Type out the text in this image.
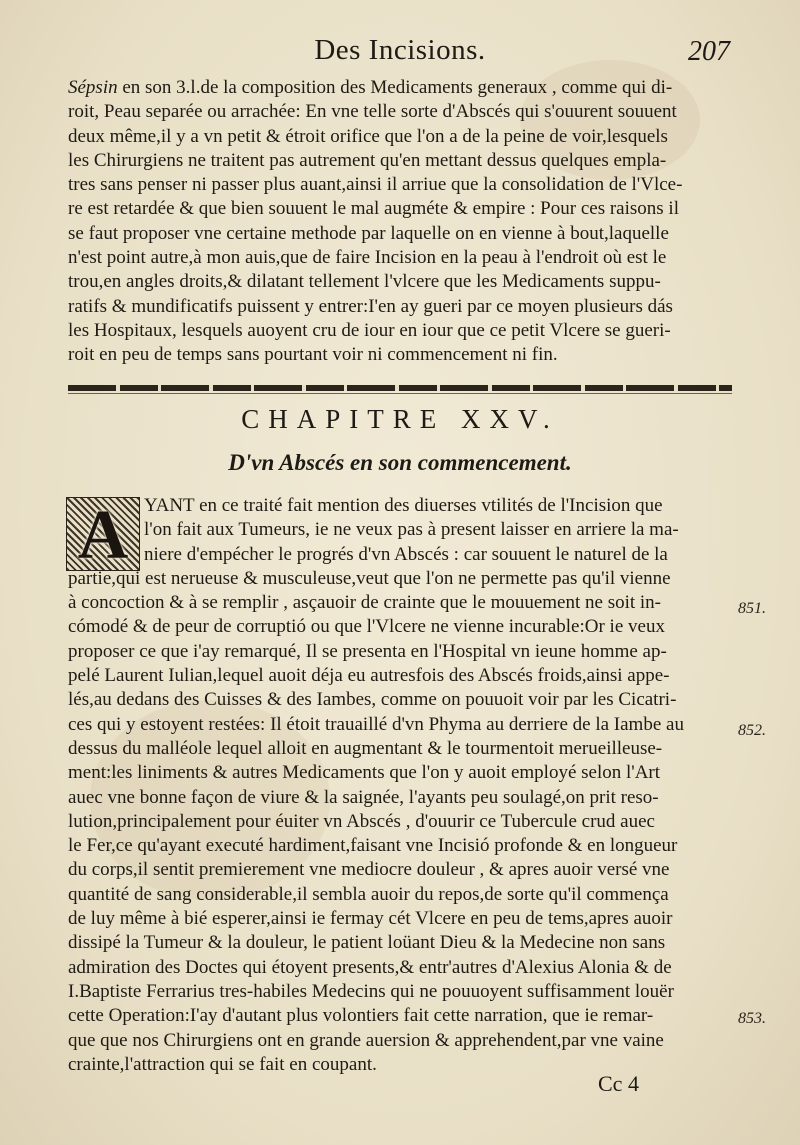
Des Incisions.	207
Sépsin en son 3.l.de la composition des Medicaments generaux , comme qui di-
roit, Peau separée ou arrachée: En vne telle sorte d'Abscés qui s'ouurent souuent
deux même,il y a vn petit & étroit orifice que l'on a de la peine de voir,lesquels
les Chirurgiens ne traitent pas autrement qu'en mettant dessus quelques empla-
tres sans penser ni passer plus auant,ainsi il arriue que la consolidation de l'Vlce-
re est retardée & que bien souuent le mal augméte & empire : Pour ces raisons il
se faut proposer vne certaine methode par laquelle on en vienne à bout,laquelle
n'est point autre,à mon auis,que de faire Incision en la peau à l'endroit où est le
trou,en angles droits,& dilatant tellement l'vlcere que les Medicaments suppu-
ratifs & mundificatifs puissent y entrer:I'en ay gueri par ce moyen plusieurs dás
les Hospitaux, lesquels auoyent cru de iour en iour que ce petit Vlcere se gueri-
roit en peu de temps sans pourtant voir ni commencement ni fin.
CHAPITRE XXV.
D'vn Abscés en son commencement.
A YANT en ce traité fait mention des diuerses vtilités de l'Incision que
l'on fait aux Tumeurs, ie ne veux pas à present laisser en arriere la ma-
niere d'empécher le progrés d'vn Abscés : car souuent le naturel de la
partie,qui est nerueuse & musculeuse,veut que l'on ne permette pas qu'il vienne
à concoction & à se remplir , asçauoir de crainte que le mouuement ne soit in-
cómodé & de peur de corruptió ou que l'Vlcere ne vienne incurable:Or ie veux
proposer ce que i'ay remarqué, Il se presenta en l'Hospital vn ieune homme ap-
pelé Laurent Iulian,lequel auoit déja eu autresfois des Abscés froids,ainsi appe-
lés,au dedans des Cuisses & des Iambes, comme on pouuoit voir par les Cicatri-
ces qui y estoyent restées: Il étoit trauaillé d'vn Phyma au derriere de la Iambe au
dessus du malléole lequel alloit en augmentant & le tourmentoit merueilleuse-
ment:les liniments & autres Medicaments que l'on y auoit employé selon l'Art
auec vne bonne façon de viure & la saignée, l'ayants peu soulagé,on prit reso-
lution,principalement pour éuiter vn Abscés , d'ouurir ce Tubercule crud auec
le Fer,ce qu'ayant executé hardiment,faisant vne Incisió profonde & en longueur
du corps,il sentit premierement vne mediocre douleur , & apres auoir versé vne
quantité de sang considerable,il sembla auoir du repos,de sorte qu'il commença
de luy même à bié esperer,ainsi ie fermay cét Vlcere en peu de tems,apres auoir
dissipé la Tumeur & la douleur, le patient loüant Dieu & la Medecine non sans
admiration des Doctes qui étoyent presents,& entr'autres d'Alexius Alonia & de
I.Baptiste Ferrarius tres-habiles Medecins qui ne pouuoyent suffisamment louër
cette Operation:I'ay d'autant plus volontiers fait cette narration, que ie remar-
que que nos Chirurgiens ont en grande auersion & apprehendent,par vne vaine
crainte,l'attraction qui se fait en coupant.
851.
852.
853.
Cc 4
